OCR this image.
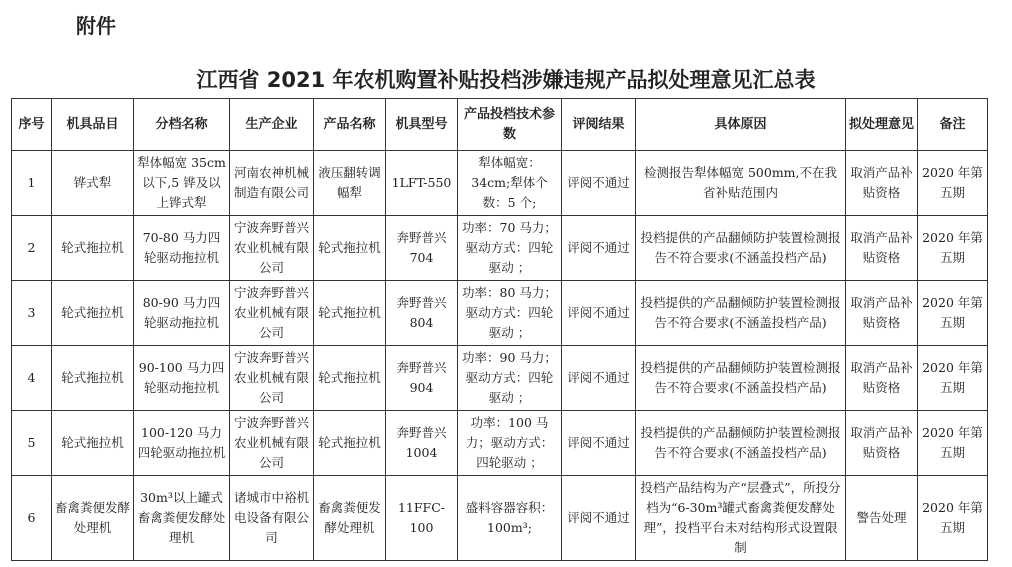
附件
江西省 2021 年农机购置补贴投档涉嫌违规产品拟处理意见汇总表
序号	机具品目	分档名称	生产企业	产品名称	机具型号	产品投档技术参数	评阅结果	具体原因	拟处理意见	备注
1	铧式犁	犁体幅宽 35cm 以下,5 铧及以上铧式犁	河南农神机械制造有限公司	液压翻转调幅犁	1LFT-550	犁体幅宽：34cm;犁体个数：5 个;	评阅不通过	检测报告犁体幅宽 500mm,不在我省补贴范围内	取消产品补贴资格	2020 年第五期
2	轮式拖拉机	70-80 马力四轮驱动拖拉机	宁波奔野普兴农业机械有限公司	轮式拖拉机	奔野普兴 704	功率：70 马力；驱动方式：四轮驱动 ；	评阅不通过	投档提供的产品翻倾防护装置检测报告不符合要求(不涵盖投档产品)	取消产品补贴资格	2020 年第五期
3	轮式拖拉机	80-90 马力四轮驱动拖拉机	宁波奔野普兴农业机械有限公司	轮式拖拉机	奔野普兴 804	功率：80 马力；驱动方式：四轮驱动 ；	评阅不通过	投档提供的产品翻倾防护装置检测报告不符合要求(不涵盖投档产品)	取消产品补贴资格	2020 年第五期
4	轮式拖拉机	90-100 马力四轮驱动拖拉机	宁波奔野普兴农业机械有限公司	轮式拖拉机	奔野普兴 904	功率：90 马力；驱动方式：四轮驱动 ；	评阅不通过	投档提供的产品翻倾防护装置检测报告不符合要求(不涵盖投档产品)	取消产品补贴资格	2020 年第五期
5	轮式拖拉机	100-120 马力四轮驱动拖拉机	宁波奔野普兴农业机械有限公司	轮式拖拉机	奔野普兴 1004	功率：100 马力；驱动方式：四轮驱动 ；	评阅不通过	投档提供的产品翻倾防护装置检测报告不符合要求(不涵盖投档产品)	取消产品补贴资格	2020 年第五期
6	畜禽粪便发酵处理机	30m³以上罐式畜禽粪便发酵处理机	诸城市中裕机电设备有限公司	畜禽粪便发酵处理机	11FFC-100	盛料容器容积：100m³;	评阅不通过	投档产品结构为产“层叠式”，所投分档为“6-30m³罐式畜禽粪便发酵处理”，投档平台未对结构形式设置限制	警告处理	2020 年第五期
